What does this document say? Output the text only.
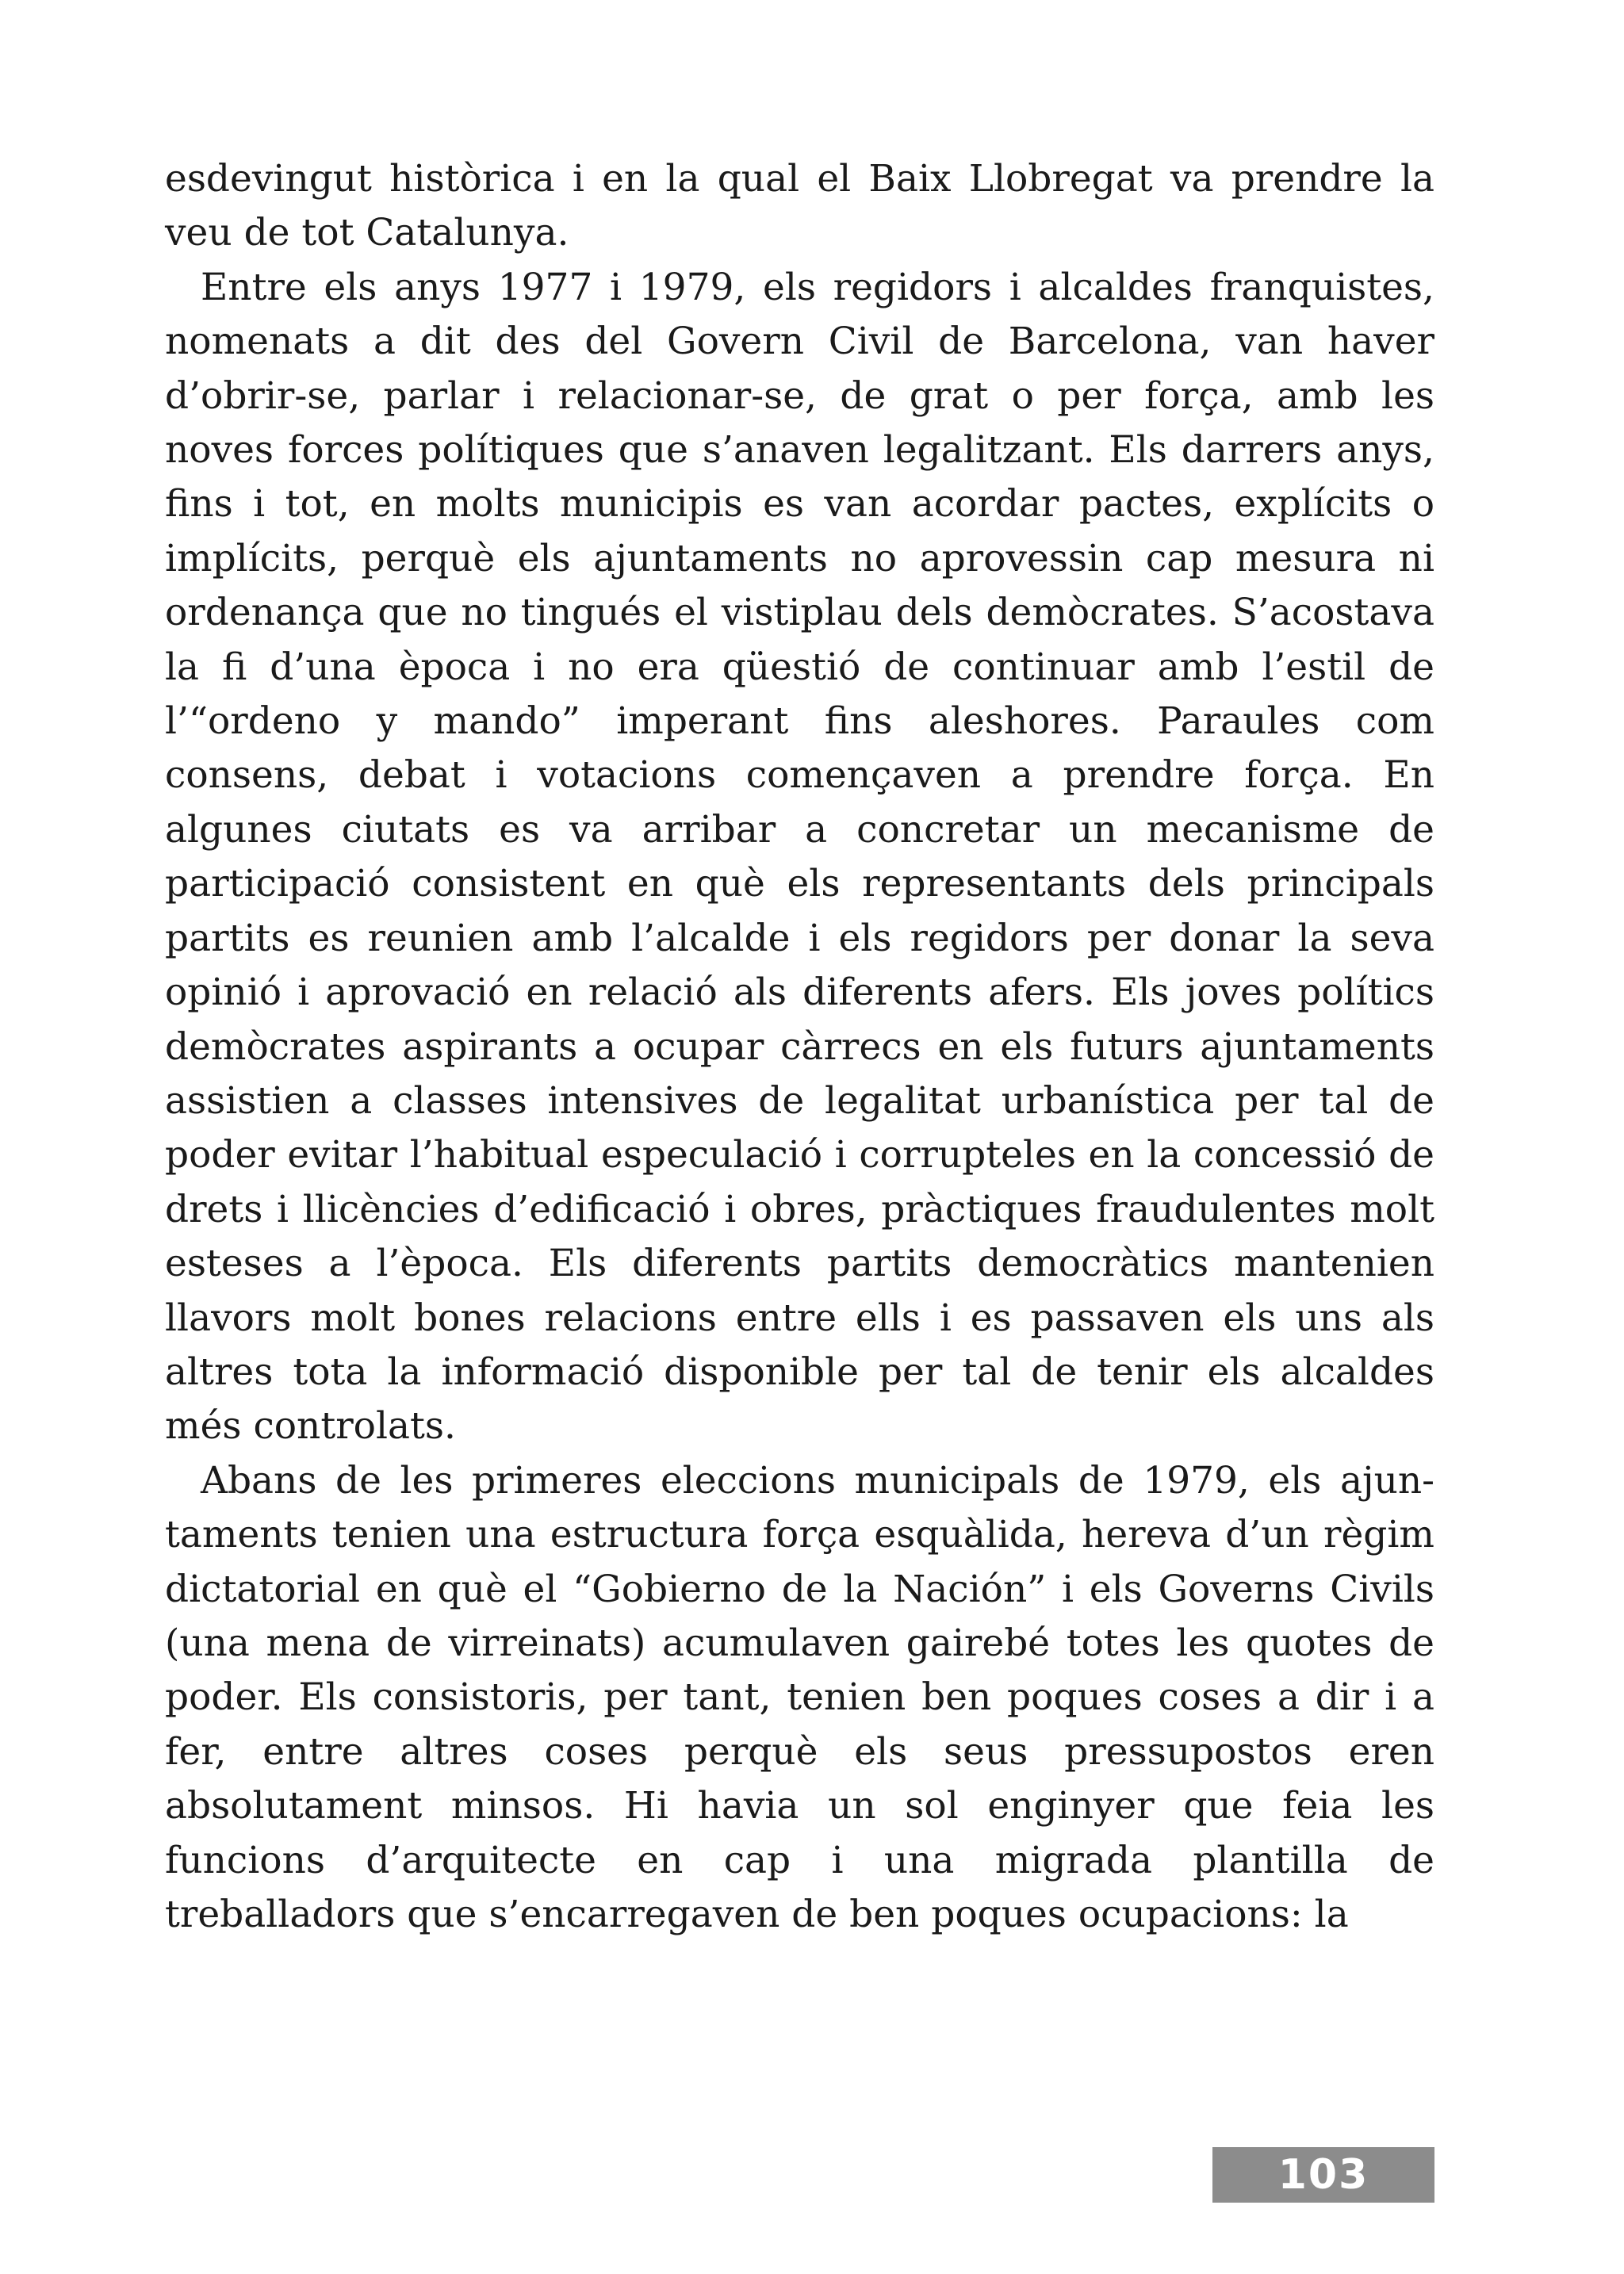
esdevingut històrica i en la qual el Baix Llobregat va prendre la veu de tot Catalunya.

Entre els anys 1977 i 1979, els regidors i alcaldes franquistes, nomenats a dit des del Govern Civil de Barcelona, van haver d’obrir-se, parlar i relacionar-se, de grat o per força, amb les noves forces polítiques que s’anaven legalitzant. Els darrers anys, fins i tot, en molts municipis es van acordar pactes, explícits o implícits, perquè els ajuntaments no aprovessin cap mesura ni ordenança que no tingués el vistiplau dels demòcrates. S’acostava la fi d’una època i no era qüestió de continuar amb l’estil de l’“ordeno y mando” imperant fins aleshores. Paraules com consens, debat i votacions començaven a prendre força. En algunes ciutats es va arribar a concretar un mecanisme de participació consistent en què els representants dels principals partits es reunien amb l’alcalde i els regidors per donar la seva opinió i aprovació en relació als diferents afers. Els joves polítics demòcrates aspirants a ocupar càrrecs en els futurs ajuntaments assistien a classes intensives de legalitat urbanística per tal de poder evitar l’habitual especulació i corrupteles en la concessió de drets i llicències d’edificació i obres, pràctiques fraudulentes molt esteses a l’època. Els diferents partits democràtics mantenien llavors molt bones relacions entre ells i es passaven els uns als altres tota la informació disponible per tal de tenir els alcaldes més controlats.

Abans de les primeres eleccions municipals de 1979, els ajuntaments tenien una estructura força esquàlida, hereva d’un règim dictatorial en què el “Gobierno de la Nación” i els Governs Civils (una mena de virreinats) acumulaven gairebé totes les quotes de poder. Els consistoris, per tant, tenien ben poques coses a dir i a fer, entre altres coses perquè els seus pressupostos eren absolutament minsos. Hi havia un sol enginyer que feia les funcions d’arquitecte en cap i una migrada plantilla de treballadors que s’encarregaven de ben poques ocupacions: la

103
